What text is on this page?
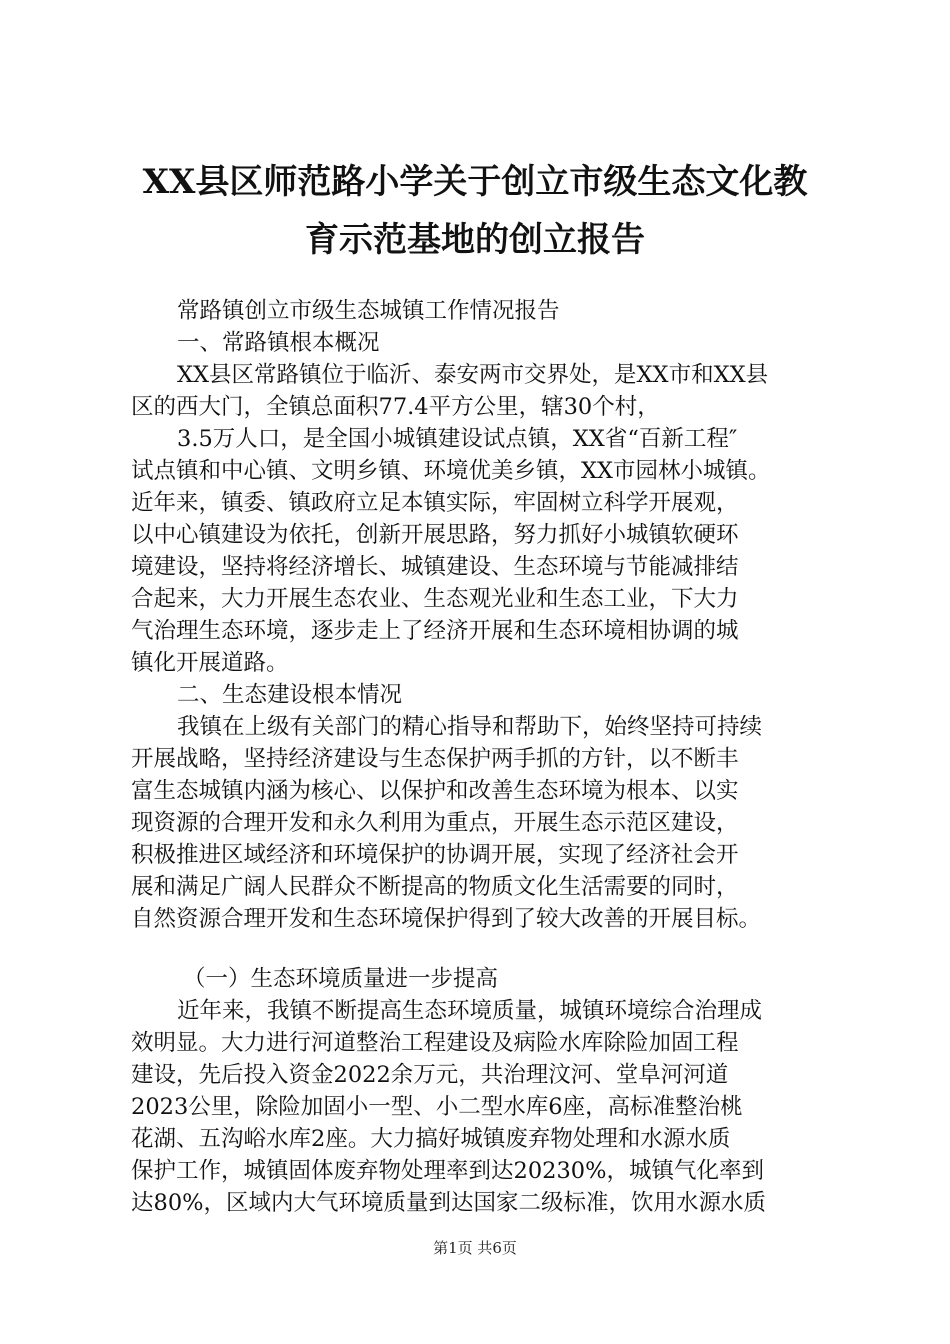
XX县区师范路小学关于创立市级生态文化教
育示范基地的创立报告
常路镇创立市级生态城镇工作情况报告
一、常路镇根本概况
XX县区常路镇位于临沂、泰安两市交界处，是XX市和XX县
区的西大门，全镇总面积77.4平方公里，辖30个村，
3.5万人口，是全国小城镇建设试点镇，XX省“百新工程″
试点镇和中心镇、文明乡镇、环境优美乡镇，XX市园林小城镇。
近年来，镇委、镇政府立足本镇实际，牢固树立科学开展观，
以中心镇建设为依托，创新开展思路，努力抓好小城镇软硬环
境建设，坚持将经济增长、城镇建设、生态环境与节能减排结
合起来，大力开展生态农业、生态观光业和生态工业，下大力
气治理生态环境，逐步走上了经济开展和生态环境相协调的城
镇化开展道路。
二、生态建设根本情况
我镇在上级有关部门的精心指导和帮助下，始终坚持可持续
开展战略，坚持经济建设与生态保护两手抓的方针，以不断丰
富生态城镇内涵为核心、以保护和改善生态环境为根本、以实
现资源的合理开发和永久利用为重点，开展生态示范区建设，
积极推进区域经济和环境保护的协调开展，实现了经济社会开
展和满足广阔人民群众不断提高的物质文化生活需要的同时，
自然资源合理开发和生态环境保护得到了较大改善的开展目标。
（一）生态环境质量进一步提高
近年来，我镇不断提高生态环境质量，城镇环境综合治理成
效明显。大力进行河道整治工程建设及病险水库除险加固工程
建设，先后投入资金2022余万元，共治理汶河、堂阜河河道
2023公里，除险加固小一型、小二型水库6座，高标准整治桃
花湖、五沟峪水库2座。大力搞好城镇废弃物处理和水源水质
保护工作，城镇固体废弃物处理率到达20230%，城镇气化率到
达80%，区域内大气环境质量到达国家二级标准，饮用水源水质
第1页 共6页
